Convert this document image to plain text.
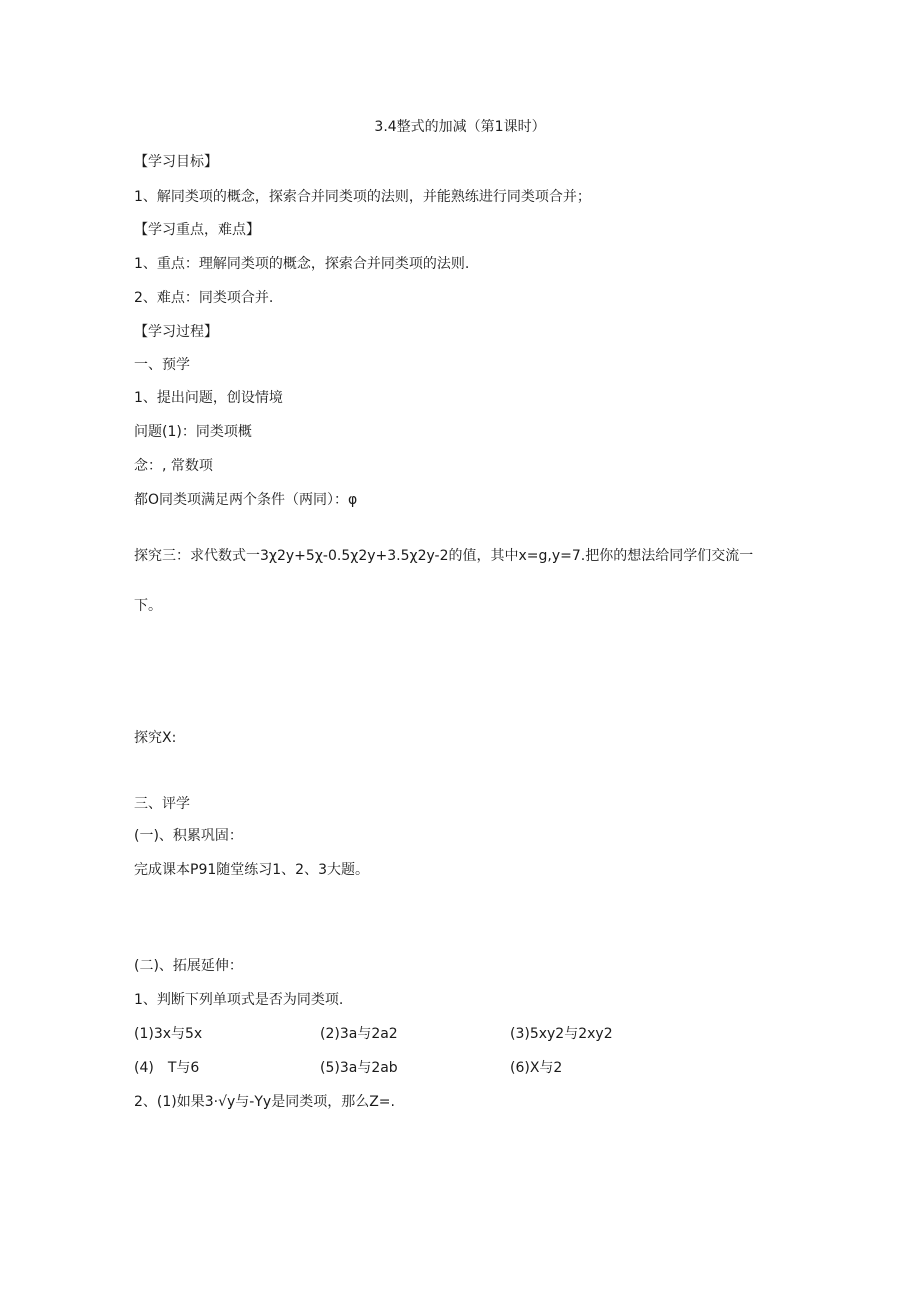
3.4整式的加减（第1课时）
【学习目标】
1、解同类项的概念，探索合并同类项的法则，并能熟练进行同类项合并；
【学习重点，难点】
1、重点：理解同类项的概念，探索合并同类项的法则.
2、难点：同类项合并.
【学习过程】
一、预学
1、提出问题，创设情境
问题(1)：同类项概
念：, 常数项
都O同类项满足两个条件（两同）：φ
探究三：求代数式一3χ2y+5χ-0.5χ2y+3.5χ2y-2的值，其中x=g,y=7.把你的想法给同学们交流一
下。
探究X:
三、评学
(一)、积累巩固：
完成课本P91随堂练习1、2、3大题。
(二)、拓展延伸：
1、判断下列单项式是否为同类项.
(1)3x与5x	(2)3a与2a2	(3)5xy2与2xy2
(4)　T与6	(5)3a与2ab	(6)X与2
2、(1)如果3·√y与-Yy是同类项，那么Z=.
